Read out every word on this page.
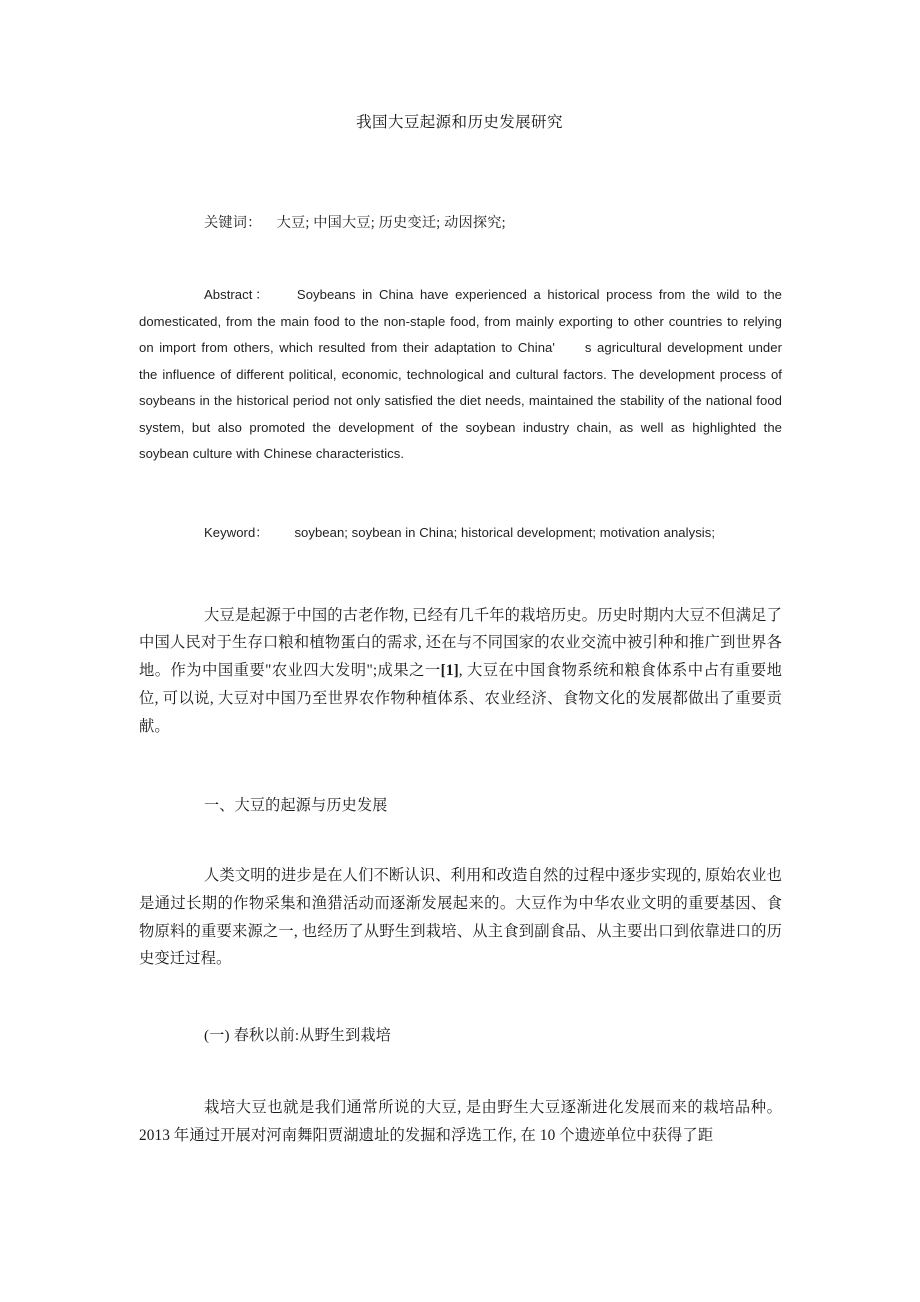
我国大豆起源和历史发展研究

关键词： 大豆; 中国大豆; 历史变迁; 动因探究;

Abstract： Soybeans in China have experienced a historical process from the wild to the domesticated, from the main food to the non-staple food, from mainly exporting to other countries to relying on import from others, which resulted from their adaptation to China' s agricultural development under the influence of different political, economic, technological and cultural factors. The development process of soybeans in the historical period not only satisfied the diet needs, maintained the stability of the national food system, but also promoted the development of the soybean industry chain, as well as highlighted the soybean culture with Chinese characteristics.

Keyword： soybean; soybean in China; historical development; motivation analysis;

大豆是起源于中国的古老作物, 已经有几千年的栽培历史。历史时期内大豆不但满足了中国人民对于生存口粮和植物蛋白的需求, 还在与不同国家的农业交流中被引种和推广到世界各地。作为中国重要"农业四大发明";成果之一[1], 大豆在中国食物系统和粮食体系中占有重要地位, 可以说, 大豆对中国乃至世界农作物种植体系、农业经济、食物文化的发展都做出了重要贡献。

一、大豆的起源与历史发展

人类文明的进步是在人们不断认识、利用和改造自然的过程中逐步实现的, 原始农业也是通过长期的作物采集和渔猎活动而逐渐发展起来的。大豆作为中华农业文明的重要基因、食物原料的重要来源之一, 也经历了从野生到栽培、从主食到副食品、从主要出口到依靠进口的历史变迁过程。

(一) 春秋以前:从野生到栽培

栽培大豆也就是我们通常所说的大豆, 是由野生大豆逐渐进化发展而来的栽培品种。2013 年通过开展对河南舞阳贾湖遗址的发掘和浮选工作, 在 10 个遗迹单位中获得了距
